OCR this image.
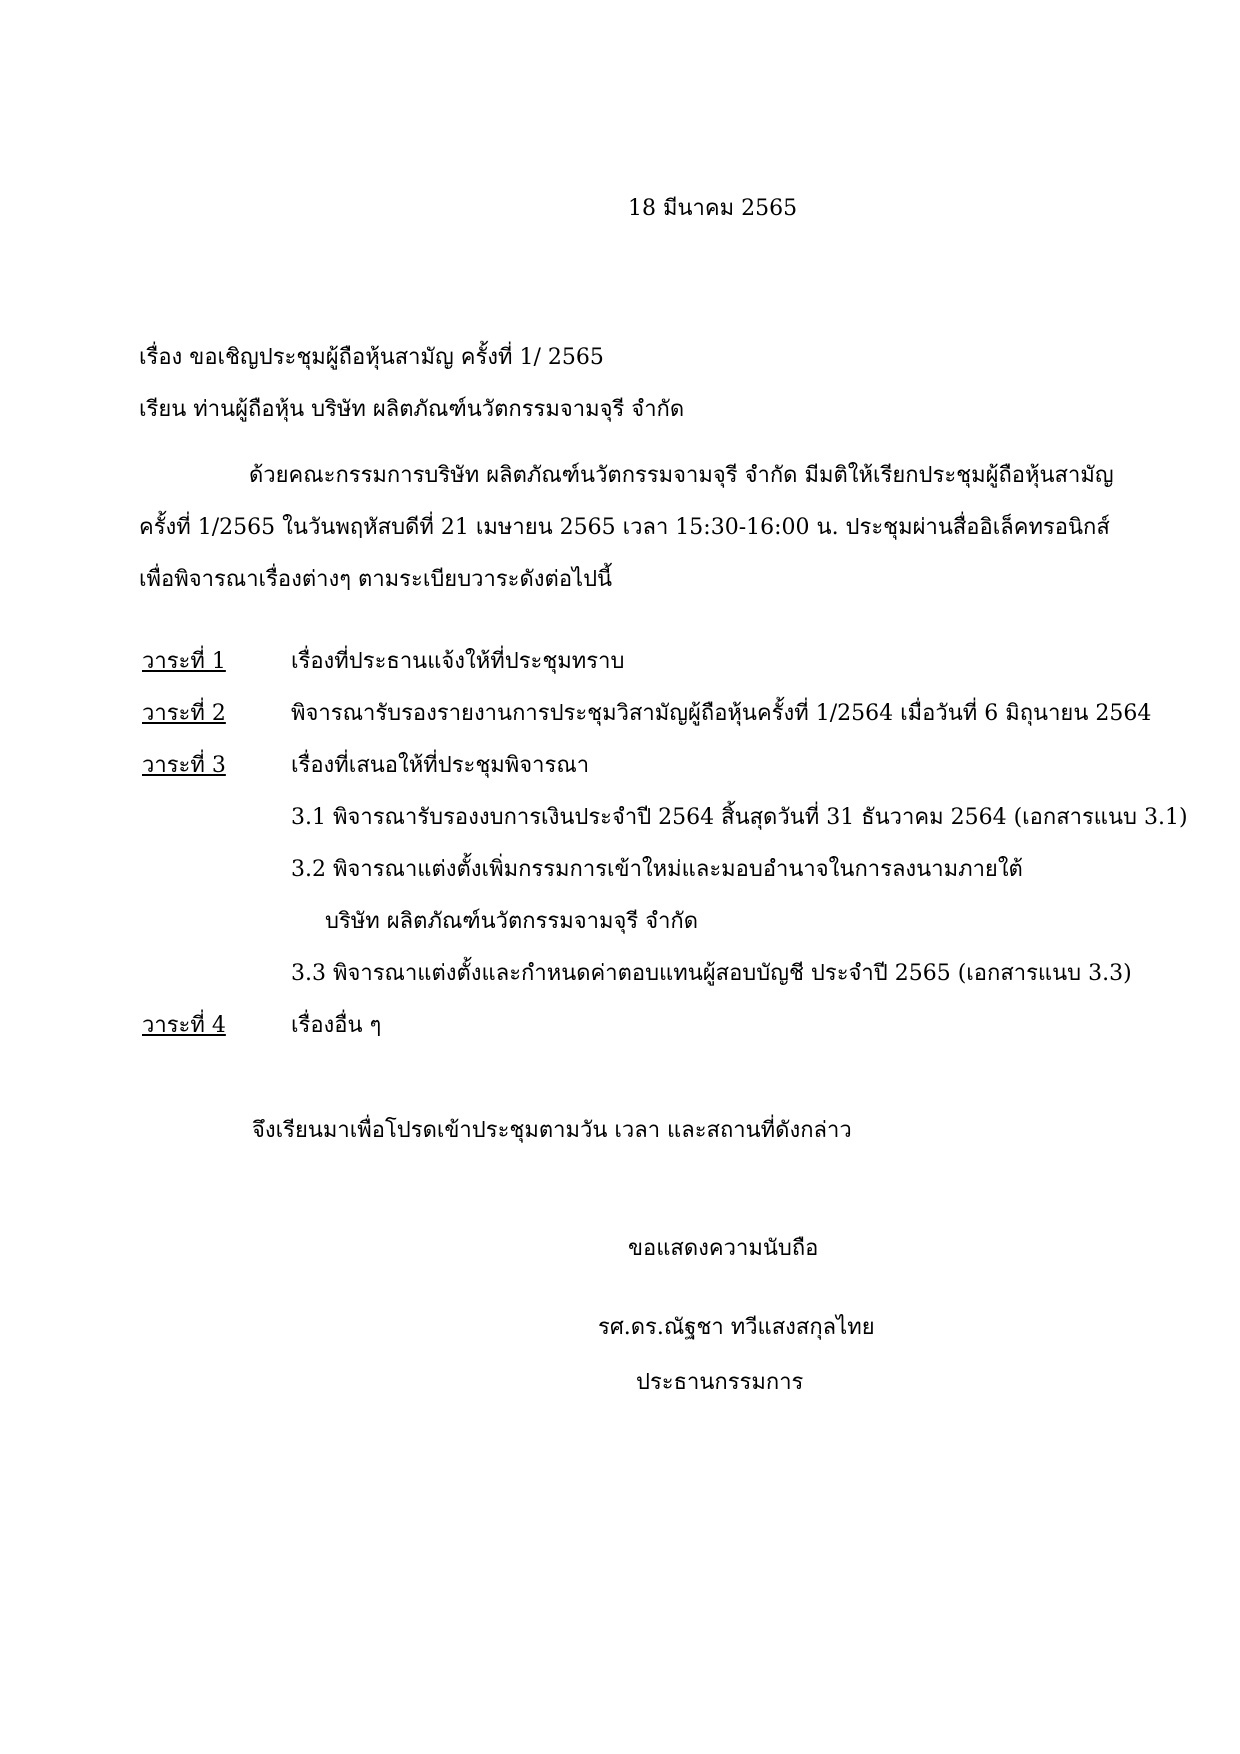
18 มีนาคม 2565
เรื่อง ขอเชิญประชุมผู้ถือหุ้นสามัญ ครั้งที่ 1/ 2565
เรียน ท่านผู้ถือหุ้น บริษัท ผลิตภัณฑ์นวัตกรรมจามจุรี จำกัด
ด้วยคณะกรรมการบริษัท ผลิตภัณฑ์นวัตกรรมจามจุรี จำกัด มีมติให้เรียกประชุมผู้ถือหุ้นสามัญ
ครั้งที่ 1/2565 ในวันพฤหัสบดีที่ 21 เมษายน 2565 เวลา 15:30-16:00 น. ประชุมผ่านสื่ออิเล็คทรอนิกส์
เพื่อพิจารณาเรื่องต่างๆ ตามระเบียบวาระดังต่อไปนี้
วาระที่ 1	เรื่องที่ประธานแจ้งให้ที่ประชุมทราบ
วาระที่ 2	พิจารณารับรองรายงานการประชุมวิสามัญผู้ถือหุ้นครั้งที่ 1/2564 เมื่อวันที่ 6 มิถุนายน 2564
วาระที่ 3	เรื่องที่เสนอให้ที่ประชุมพิจารณา
3.1 พิจารณารับรองงบการเงินประจำปี 2564 สิ้นสุดวันที่ 31 ธันวาคม 2564 (เอกสารแนบ 3.1)
3.2 พิจารณาแต่งตั้งเพิ่มกรรมการเข้าใหม่และมอบอำนาจในการลงนามภายใต้
บริษัท ผลิตภัณฑ์นวัตกรรมจามจุรี จำกัด
3.3 พิจารณาแต่งตั้งและกำหนดค่าตอบแทนผู้สอบบัญชี ประจำปี 2565 (เอกสารแนบ 3.3)
วาระที่ 4	เรื่องอื่น ๆ
จึงเรียนมาเพื่อโปรดเข้าประชุมตามวัน เวลา และสถานที่ดังกล่าว
ขอแสดงความนับถือ
รศ.ดร.ณัฐชา ทวีแสงสกุลไทย
ประธานกรรมการ
